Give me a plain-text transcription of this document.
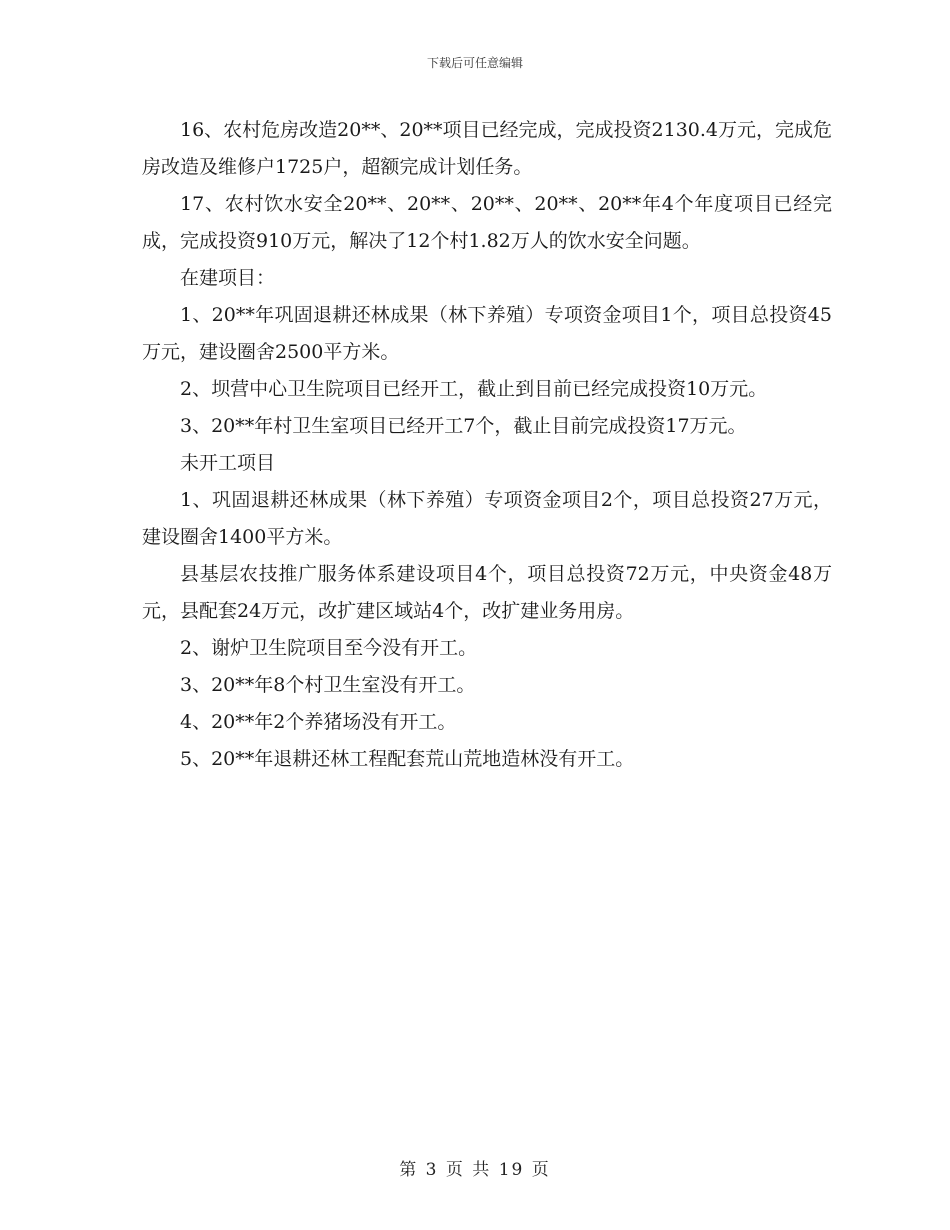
下载后可任意编辑

16、农村危房改造20**、20**项目已经完成，完成投资2130.4万元，完成危房改造及维修户1725户，超额完成计划任务。

17、农村饮水安全20**、20**、20**、20**、20**年4个年度项目已经完成，完成投资910万元，解决了12个村1.82万人的饮水安全问题。

在建项目：

1、20**年巩固退耕还林成果（林下养殖）专项资金项目1个，项目总投资45万元，建设圈舍2500平方米。

2、坝营中心卫生院项目已经开工，截止到目前已经完成投资10万元。

3、20**年村卫生室项目已经开工7个，截止目前完成投资17万元。

未开工项目

1、巩固退耕还林成果（林下养殖）专项资金项目2个，项目总投资27万元，建设圈舍1400平方米。

县基层农技推广服务体系建设项目4个，项目总投资72万元，中央资金48万元，县配套24万元，改扩建区域站4个，改扩建业务用房。

2、谢炉卫生院项目至今没有开工。

3、20**年8个村卫生室没有开工。

4、20**年2个养猪场没有开工。

5、20**年退耕还林工程配套荒山荒地造林没有开工。

第 3 页 共 19 页
